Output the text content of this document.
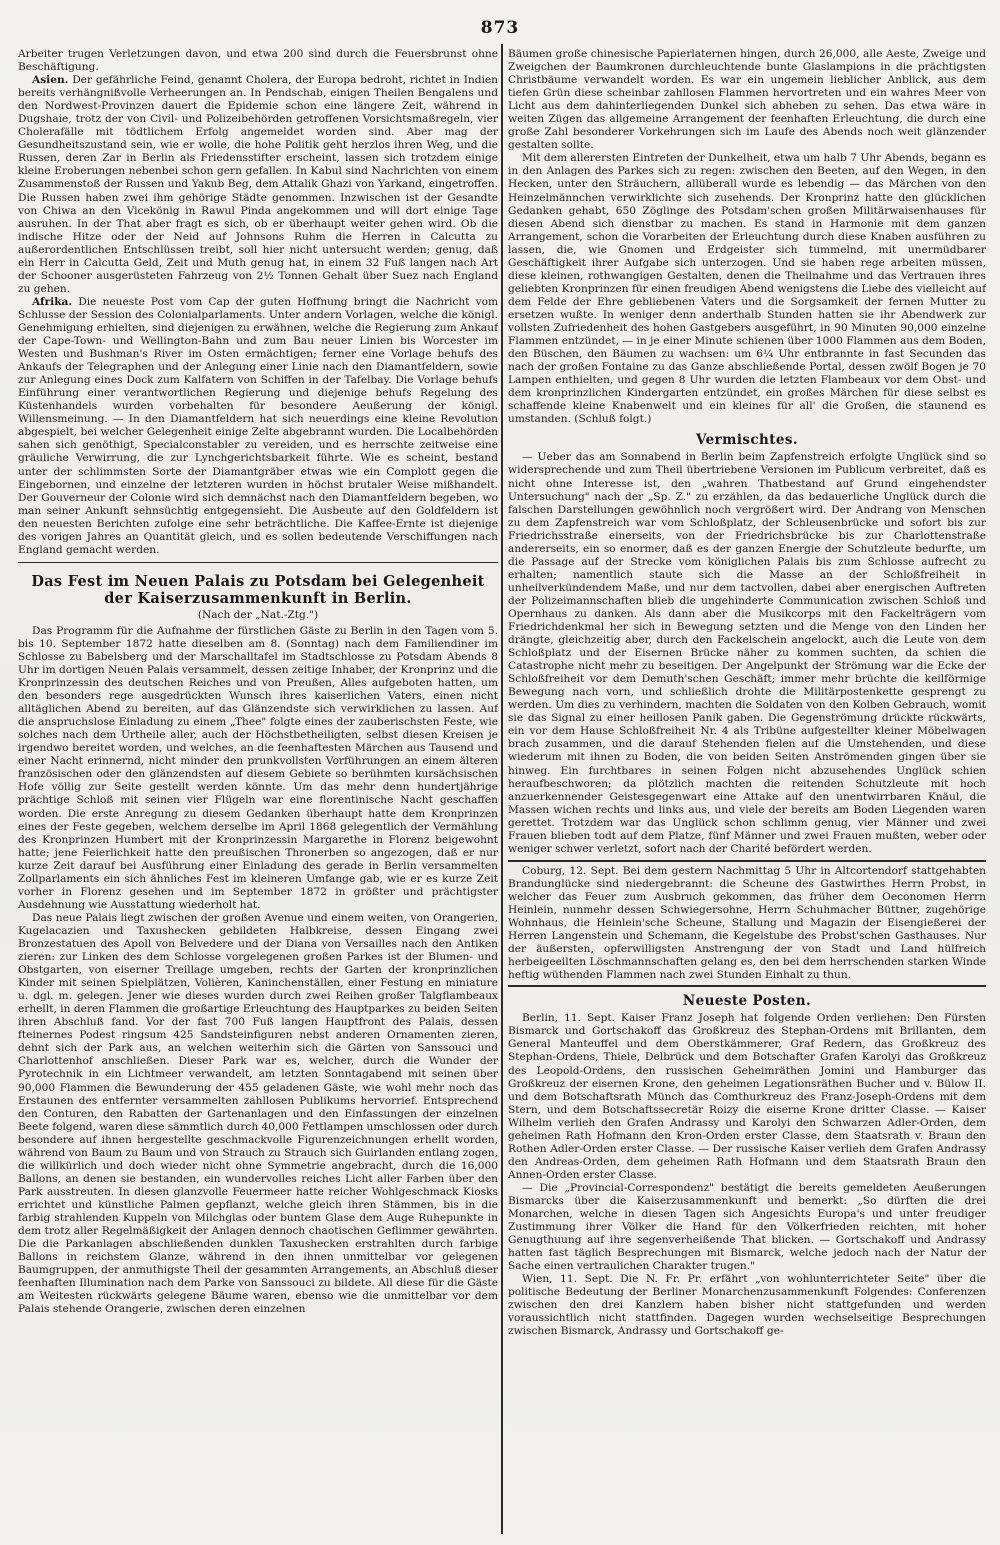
873

Arbeiter trugen Verletzungen davon, und etwa 200 sind durch die Feuersbrunst ohne Beschäftigung.

Asien. Der gefährliche Feind, genannt Cholera, der Europa bedroht, richtet in Indien bereits verhängnißvolle Verheerungen an. In Pendschab, einigen Theilen Bengalens und den Nordwest-Provinzen dauert die Epidemie schon eine längere Zeit, während in Dugshaie, trotz der von Civil- und Polizeibehörden getroffenen Vorsichtsmaßregeln, vier Cholerafälle mit tödtlichem Erfolg angemeldet worden sind. Aber mag der Gesundheitszustand sein, wie er wolle, die hohe Politik geht herzlos ihren Weg, und die Russen, deren Zar in Berlin als Friedensstifter erscheint, lassen sich trotzdem einige kleine Eroberungen nebenbei schon gern gefallen. In Kabul sind Nachrichten von einem Zusammenstoß der Russen und Yakub Beg, dem Attalik Ghazi von Yarkand, eingetroffen. Die Russen haben zwei ihm gehörige Städte genommen. Inzwischen ist der Gesandte von Chiwa an den Vicekönig in Rawul Pinda angekommen und will dort einige Tage ausruhen. In der That aber fragt es sich, ob er überhaupt weiter gehen wird. Ob die indische Hitze oder der Neid auf Johnsons Ruhm die Herren in Calcutta zu außerordentlichen Entschlüssen treibt, soll hier nicht untersucht werden; genug, daß ein Herr in Calcutta Geld, Zeit und Muth genug hat, in einem 32 Fuß langen nach Art der Schooner ausgerüsteten Fahrzeug von 2½ Tonnen Gehalt über Suez nach England zu gehen.

Afrika. Die neueste Post vom Cap der guten Hoffnung bringt die Nachricht vom Schlusse der Session des Colonialparlaments. Unter andern Vorlagen, welche die königl. Genehmigung erhielten, sind diejenigen zu erwähnen, welche die Regierung zum Ankauf der Cape-Town- und Wellington-Bahn und zum Bau neuer Linien bis Worcester im Westen und Bushman's River im Osten ermächtigen; ferner eine Vorlage behufs des Ankaufs der Telegraphen und der Anlegung einer Linie nach den Diamantfeldern, sowie zur Anlegung eines Dock zum Kalfatern von Schiffen in der Tafelbay. Die Vorlage behufs Einführung einer verantwortlichen Regierung und diejenige behufs Regelung des Küstenhandels wurden vorbehalten für besondere Aeußerung der königl. Willensmeinung. — In den Diamantfeldern hat sich neuerdings eine kleine Revolution abgespielt, bei welcher Gelegenheit einige Zelte abgebrannt wurden. Die Localbehörden sahen sich genöthigt, Specialconstabler zu vereiden, und es herrschte zeitweise eine gräuliche Verwirrung, die zur Lynchgerichtsbarkeit führte. Wie es scheint, bestand unter der schlimmsten Sorte der Diamantgräber etwas wie ein Complott gegen die Eingebornen, und einzelne der letzteren wurden in höchst brutaler Weise mißhandelt. Der Gouverneur der Colonie wird sich demnächst nach den Diamantfeldern begeben, wo man seiner Ankunft sehnsüchtig entgegensieht. Die Ausbeute auf den Goldfeldern ist den neuesten Berichten zufolge eine sehr beträchtliche. Die Kaffee-Ernte ist diejenige des vorigen Jahres an Quantität gleich, und es sollen bedeutende Verschiffungen nach England gemacht werden.

Das Fest im Neuen Palais zu Potsdam bei Gelegenheit der Kaiserzusammenkunft in Berlin.
(Nach der „Nat.-Ztg.")

Das Programm für die Aufnahme der fürstlichen Gäste zu Berlin in den Tagen vom 5. bis 10. September 1872 hatte dieselben am 8. (Sonntag) nach dem Familiendiner im Schlosse zu Babelsberg und der Marschalltafel im Stadtschlosse zu Potsdam Abends 8 Uhr im dortigen Neuen Palais versammelt, dessen zeitige Inhaber, der Kronprinz und die Kronprinzessin des deutschen Reiches und von Preußen, Alles aufgeboten hatten, um den besonders rege ausgedrückten Wunsch ihres kaiserlichen Vaters, einen nicht alltäglichen Abend zu bereiten, auf das Glänzendste sich verwirklichen zu lassen. Auf die anspruchslose Einladung zu einem „Thee" folgte eines der zauberischsten Feste, wie solches nach dem Urtheile aller, auch der Höchstbetheiligten, selbst diesen Kreisen je irgendwo bereitet worden, und welches, an die feenhaftesten Märchen aus Tausend und einer Nacht erinnernd, nicht minder den prunkvollsten Vorführungen an einem älteren französischen oder den glänzendsten auf diesem Gebiete so berühmten kursächsischen Hofe völlig zur Seite gestellt werden könnte. Um das mehr denn hundertjährige prächtige Schloß mit seinen vier Flügeln war eine florentinische Nacht geschaffen worden. Die erste Anregung zu diesem Gedanken überhaupt hatte dem Kronprinzen eines der Feste gegeben, welchem derselbe im April 1868 gelegentlich der Vermählung des Kronprinzen Humbert mit der Kronprinzessin Margarethe in Florenz beigewohnt hatte; jene Feierlichkeit hatte den preußischen Thronerben so angezogen, daß er nur kurze Zeit darauf bei Ausführung einer Einladung des gerade in Berlin versammelten Zollparlaments ein sich ähnliches Fest im kleineren Umfange gab, wie er es kurze Zeit vorher in Florenz gesehen und im September 1872 in größter und prächtigster Ausdehnung wie Ausstattung wiederholt hat.

Das neue Palais liegt zwischen der großen Avenue und einem weiten, von Orangerien, Kugelacazien und Taxushecken gebildeten Halbkreise, dessen Eingang zwei Bronzestatuen des Apoll von Belvedere und der Diana von Versailles nach den Antiken zieren: zur Linken des dem Schlosse vorgelegenen großen Parkes ist der Blumen- und Obstgarten, von eiserner Treillage umgeben, rechts der Garten der kronprinzlichen Kinder mit seinen Spielplätzen, Volièren, Kaninchenställen, einer Festung en miniature u. dgl. m. gelegen. Jener wie dieses wurden durch zwei Reihen großer Talgflambeaux erhellt, in deren Flammen die großartige Erleuchtung des Hauptparkes zu beiden Seiten ihren Abschluß fand. Vor der fast 700 Fuß langen Hauptfront des Palais, dessen fteinernes Podest ringsum 425 Sandsteinfiguren nebst anderen Ornamenten zieren, dehnt sich der Park aus, an welchen weiterhin sich die Gärten von Sanssouci und Charlottenhof anschließen. Dieser Park war es, welcher, durch die Wunder der Pyrotechnik in ein Lichtmeer verwandelt, am letzten Sonntagabend mit seinen über 90,000 Flammen die Bewunderung der 455 geladenen Gäste, wie wohl mehr noch das Erstaunen des entfernter versammelten zahllosen Publikums hervorrief. Entsprechend den Conturen, den Rabatten der Gartenanlagen und den Einfassungen der einzelnen Beete folgend, waren diese sämmtlich durch 40,000 Fettlampen umschlossen oder durch besondere auf ihnen hergestellte geschmackvolle Figurenzeichnungen erhellt worden, während von Baum zu Baum und von Strauch zu Strauch sich Guirlanden entlang zogen, die willkürlich und doch wieder nicht ohne Symmetrie angebracht, durch die 16,000 Ballons, an denen sie bestanden, ein wundervolles reiches Licht aller Farben über den Park ausstreuten. In diesen glanzvolle Feuermeer hatte reicher Wohlgeschmack Kiosks errichtet und künstliche Palmen gepflanzt, welche gleich ihren Stämmen, bis in die farbig strahlenden Kuppeln von Milchglas oder buntem Glase dem Auge Ruhepunkte in dem trotz aller Regelmäßigkeit der Anlagen dennoch chaotischen Geflimmer gewährten. Die die Parkanlagen abschließenden dunklen Taxushecken erstrahlten durch farbige Ballons in reichstem Glanze, während in den ihnen unmittelbar vor gelegenen Baumgruppen, der anmuthigste Theil der gesammten Arrangements, an Abschluß dieser feenhaften Illumination nach dem Parke von Sanssouci zu bildete. All diese für die Gäste am Weitesten rückwärts gelegene Bäume waren, ebenso wie die unmittelbar vor dem Palais stehende Orangerie, zwischen deren einzelnen

Bäumen große chinesische Papierlaternen hingen, durch 26,000, alle Aeste, Zweige und Zweigchen der Baumkronen durchleuchtende bunte Glaslampions in die prächtigsten Christbäume verwandelt worden. Es war ein ungemein lieblicher Anblick, aus dem tiefen Grün diese scheinbar zahllosen Flammen hervortreten und ein wahres Meer von Licht aus dem dahinterliegenden Dunkel sich abheben zu sehen. Das etwa wäre in weiten Zügen das allgemeine Arrangement der feenhaften Erleuchtung, die durch eine große Zahl besonderer Vorkehrungen sich im Laufe des Abends noch weit glänzender gestalten sollte.

Mit dem allerersten Eintreten der Dunkelheit, etwa um halb 7 Uhr Abends, begann es in den Anlagen des Parkes sich zu regen: zwischen den Beeten, auf den Wegen, in den Hecken, unter den Sträuchern, allüberall wurde es lebendig — das Märchen von den Heinzelmännchen verwirklichte sich zusehends. Der Kronprinz hatte den glücklichen Gedanken gehabt, 650 Zöglinge des Potsdam'schen großen Militärwaisenhauses für diesen Abend sich dienstbar zu machen. Es stand in Harmonie mit dem ganzen Arrangement, schon die Vorarbeiten der Erleuchtung durch diese Knaben ausführen zu lassen, die, wie Gnomen und Erdgeister sich tummelnd, mit unermüdbarer Geschäftigkeit ihrer Aufgabe sich unterzogen. Und sie haben rege arbeiten müssen, diese kleinen, rothwangigen Gestalten, denen die Theilnahme und das Vertrauen ihres geliebten Kronprinzen für einen freudigen Abend wenigstens die Liebe des vielleicht auf dem Felde der Ehre gebliebenen Vaters und die Sorgsamkeit der fernen Mutter zu ersetzen wußte. In weniger denn anderthalb Stunden hatten sie ihr Abendwerk zur vollsten Zufriedenheit des hohen Gastgebers ausgeführt, in 90 Minuten 90,000 einzelne Flammen entzündet, — in je einer Minute schienen über 1000 Flammen aus dem Boden, den Büschen, den Bäumen zu wachsen: um 6¼ Uhr entbrannte in fast Secunden das nach der großen Fontaine zu das Ganze abschließende Portal, dessen zwölf Bogen je 70 Lampen enthielten, und gegen 8 Uhr wurden die letzten Flambeaux vor dem Obst- und dem kronprinzlichen Kindergarten entzündet, ein großes Märchen für diese selbst es schaffende kleine Knabenwelt und ein kleines für all' die Großen, die staunend es umstanden. (Schluß folgt.)

Vermischtes.

— Ueber das am Sonnabend in Berlin beim Zapfenstreich erfolgte Unglück sind so widersprechende und zum Theil übertriebene Versionen im Publicum verbreitet, daß es nicht ohne Interesse ist, den „wahren Thatbestand auf Grund eingehendster Untersuchung" nach der „Sp. Z." zu erzählen, da das bedauerliche Unglück durch die falschen Darstellungen gewöhnlich noch vergrößert wird. Der Andrang von Menschen zu dem Zapfenstreich war vom Schloßplatz, der Schleusenbrücke und sofort bis zur Friedrichsstraße einerseits, von der Friedrichsbrücke bis zur Charlottenstraße andererseits, ein so enormer, daß es der ganzen Energie der Schutzleute bedurfte, um die Passage auf der Strecke vom königlichen Palais bis zum Schlosse aufrecht zu erhalten; namentlich staute sich die Masse an der Schloßfreiheit in unheilverkündendem Maße, und nur dem tactvollen, dabei aber energischen Auftreten der Polizeimannschaften blieb die ungehinderte Communication zwischen Schloß und Opernhaus zu danken. Als dann aber die Musikcorps mit den Fackelträgern vom Friedrichdenkmal her sich in Bewegung setzten und die Menge von den Linden her drängte, gleichzeitig aber, durch den Fackelschein angelockt, auch die Leute von dem Schloßplatz und der Eisernen Brücke näher zu kommen suchten, da schien die Catastrophe nicht mehr zu beseitigen. Der Angelpunkt der Strömung war die Ecke der Schloßfreiheit vor dem Demuth'schen Geschäft; immer mehr brüchte die keilförmige Bewegung nach vorn, und schließlich drohte die Militärpostenkette gesprengt zu werden. Um dies zu verhindern, machten die Soldaten von den Kolben Gebrauch, womit sie das Signal zu einer heillosen Panik gaben. Die Gegenströmung drückte rückwärts, ein vor dem Hause Schloßfreiheit Nr. 4 als Tribüne aufgestellter kleiner Möbelwagen brach zusammen, und die darauf Stehenden fielen auf die Umstehenden, und diese wiederum mit ihnen zu Boden, die von beiden Seiten Anströmenden gingen über sie hinweg. Ein furchtbares in seinen Folgen nicht abzusehendes Unglück schien heraufbeschworen; da plötzlich machten die reitenden Schutzleute mit hoch anzuerkennender Geistesgegenwart eine Attake auf den unentwirrbaren Knäul, die Massen wichen rechts und links aus, und viele der bereits am Boden Liegenden waren gerettet. Trotzdem war das Unglück schon schlimm genug, vier Männer und zwei Frauen blieben todt auf dem Platze, fünf Männer und zwei Frauen mußten, weber oder weniger schwer verletzt, sofort nach der Charité befördert werden.

Coburg, 12. Sept. Bei dem gestern Nachmittag 5 Uhr in Altcortendorf stattgehabten Brandunglücke sind niedergebrannt: die Scheune des Gastwirthes Herrn Probst, in welcher das Feuer zum Ausbruch gekommen, das früher dem Oeconomen Herrn Heinlein, nunmehr dessen Schwiegersohne, Herrn Schuhmacher Büttner, zugehörige Wohnhaus, die Heinlein'sche Scheune, Stallung und Magazin der Eisengießerei der Herren Langenstein und Schemann, die Kegelstube des Probst'schen Gasthauses. Nur der äußersten, opferwilligsten Anstrengung der von Stadt und Land hülfreich herbeigeeilten Löschmannschaften gelang es, den bei dem herrschenden starken Winde heftig wüthenden Flammen nach zwei Stunden Einhalt zu thun.

Neueste Posten.

Berlin, 11. Sept. Kaiser Franz Joseph hat folgende Orden verliehen: Den Fürsten Bismarck und Gortschakoff das Großkreuz des Stephan-Ordens mit Brillanten, dem General Manteuffel und dem Oberstkämmerer, Graf Redern, das Großkreuz des Stephan-Ordens, Thiele, Delbrück und dem Botschafter Grafen Karolyi das Großkreuz des Leopold-Ordens, den russischen Geheimräthen Jomini und Hamburger das Großkreuz der eisernen Krone, den geheimen Legationsräthen Bucher und v. Bülow II. und dem Botschaftsrath Münch das Comthurkreuz des Franz-Joseph-Ordens mit dem Stern, und dem Botschaftssecretär Roizy die eiserne Krone dritter Classe. — Kaiser Wilhelm verlieh den Grafen Andrassy und Karolyi den Schwarzen Adler-Orden, dem geheimen Rath Hofmann den Kron-Orden erster Classe, dem Staatsrath v. Braun den Rothen Adler-Orden erster Classe. — Der russische Kaiser verlieh dem Grafen Andrassy den Andreas-Orden, dem geheimen Rath Hofmann und dem Staatsrath Braun den Annen-Orden erster Classe.

— Die „Provincial-Correspondenz" bestätigt die bereits gemeldeten Aeußerungen Bismarcks über die Kaiserzusammenkunft und bemerkt: „So dürften die drei Monarchen, welche in diesen Tagen sich Angesichts Europa's und unter freudiger Zustimmung ihrer Völker die Hand für den Völkerfrieden reichten, mit hoher Genugthuung auf ihre segenverheißende That blicken. — Gortschakoff und Andrassy hatten fast täglich Besprechungen mit Bismarck, welche jedoch nach der Natur der Sache einen vertraulichen Charakter trugen."

Wien, 11. Sept. Die N. Fr. Pr. erfährt „von wohlunterrichteter Seite" über die politische Bedeutung der Berliner Monarchenzusammenkunft Folgendes: Conferenzen zwischen den drei Kanzlern haben bisher nicht stattgefunden und werden voraussichtlich nicht stattfinden. Dagegen wurden wechselseitige Besprechungen zwischen Bismarck, Andrassy und Gortschakoff ge-
